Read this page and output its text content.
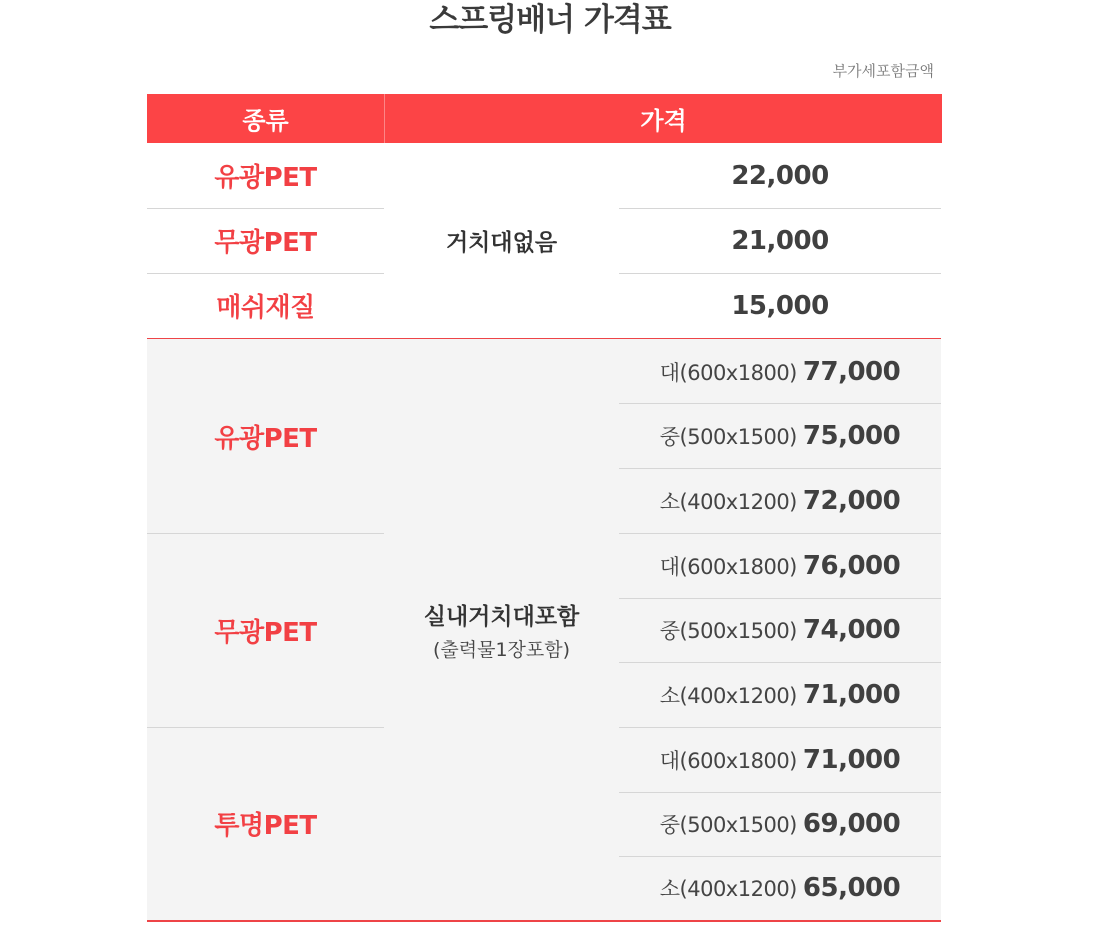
스프링배너 가격표
부가세포함금액
종류	가격
유광PET
무광PET
매쉬재질
거치대없음
22,000
21,000
15,000
유광PET
무광PET
투명PET
실내거치대포함
(출력물1장포함)
대(600x1800) 77,000
중(500x1500) 75,000
소(400x1200) 72,000
대(600x1800) 76,000
중(500x1500) 74,000
소(400x1200) 71,000
대(600x1800) 71,000
중(500x1500) 69,000
소(400x1200) 65,000
